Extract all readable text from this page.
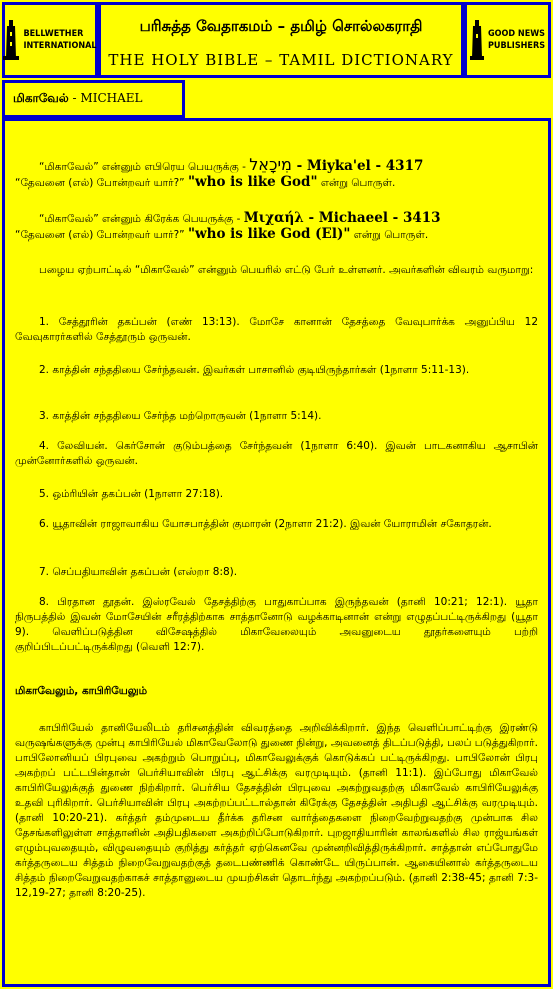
BELLWETHER
INTERNATIONAL
பரிசுத்த வேதாகமம் – தமிழ் சொல்லகராதி
THE HOLY BIBLE – TAMIL DICTIONARY
GOOD NEWS
PUBLISHERS
மிகாவேல் - MICHAEL
“மிகாவேல்” என்னும் எபிரெய பெயருக்கு - מִיכָאֵל - Miyka'el - 4317
“தேவனை (எல்) போன்றவர் யார்?” "who is like God" என்று பொருள்.
“மிகாவேல்” என்னும் கிரேக்க பெயருக்கு - Μιχαήλ - Michaeel - 3413
“தேவனை (எல்) போன்றவர் யார்?” "who is like God (El)" என்று பொருள்.
பழைய ஏற்பாட்டில் “மிகாவேல்” என்னும் பெயரில் எட்டு பேர் உள்ளனர். அவர்களின் விவரம் வருமாறு:
1. சேத்தூரின் தகப்பன் (எண் 13:13). மோசே கானான் தேசத்தை வேவுபார்க்க அனுப்பிய 12 வேவுகாரர்களில் சேத்தூரும் ஒருவன்.
2. காத்தின் சந்ததியை சேர்ந்தவன். இவர்கள் பாசானில் குடியிருந்தார்கள் (1நாளா 5:11-13).
3. காத்தின் சந்ததியை சேர்ந்த மற்றொருவன் (1நாளா 5:14).
4. லேவியன். கெர்சோன் குடும்பத்தை சேர்ந்தவன் (1நாளா 6:40). இவன் பாடகனாகிய ஆசாபின் முன்னோர்களில் ஒருவன்.
5. ஒம்ரியின் தகப்பன் (1நாளா 27:18).
6. யூதாவின் ராஜாவாகிய யோசபாத்தின் குமாரன் (2நாளா 21:2). இவன் யோராமின் சகோதரன்.
7. செப்பதியாவின் தகப்பன் (எஸ்றா 8:8).
8. பிரதான தூதன். இஸ்ரவேல் தேசத்திற்கு பாதுகாப்பாக இருந்தவன் (தானி 10:21; 12:1). யூதா நிருபத்தில் இவன் மோசேயின் சரீரத்திற்காக சாத்தானோடு வழக்காடினான் என்று எழுதப்பட்டிருக்கிறது (யூதா 9). வெளிப்படுத்தின விசேஷத்தில் மிகாவேலையும் அவனுடைய தூதர்களையும் பற்றி குறிப்பிடப்பட்டிருக்கிறது (வெளி 12:7).
மிகாவேலும், காபிரியேலும்
காபிரியேல் தானியேலிடம் தரிசனத்தின் விவரத்தை அறிவிக்கிறார். இந்த வெளிப்பாட்டிற்கு இரண்டு வருஷங்களுக்கு முன்பு காபிரியேல் மிகாவேலோடு துணை நின்று, அவனைத் திடப்படுத்தி, பலப் படுத்துகிறார். பாபிலோனியப் பிரபுவை அகற்றும் பொறுப்பு, மிகாவேலுக்குக் கொடுக்கப் பட்டிருக்கிறது. பாபிலோன் பிரபு அகற்றப் பட்டபின்தான் பெர்சியாவின் பிரபு ஆட்சிக்கு வரமுடியும். (தானி 11:1). இப்போது மிகாவேல் காபிரியேலுக்குத் துணை நிற்கிறார். பெர்சிய தேசத்தின் பிரபுவை அகற்றுவதற்கு மிகாவேல் காபிரியேலுக்கு உதவி புரிகிறார். பெர்சியாவின் பிரபு அகற்றப்பட்டால்தான் கிரேக்கு தேசத்தின் அதிபதி ஆட்சிக்கு வரமுடியும். (தானி 10:20-21). கர்த்தர் தம்முடைய தீர்க்க தரிசன வார்த்தைகளை நிறைவேற்றுவதற்கு முன்பாக சில தேசங்களிலுள்ள சாத்தானின் அதிபதிகளை அகற்றிப்போடுகிறார். புறஜாதியாரின் காலங்களில் சில ராஜ்யங்கள் எழும்புவதையும், விழுவதையும் குறித்து கர்த்தர் ஏற்கெனவே முன்னறிவித்திருக்கிறார். சாத்தான் எப்போதுமே கர்த்தருடைய சித்தம் நிறைவேறுவதற்குத் தடைபண்ணிக் கொண்டே யிருப்பான். ஆகையினால் கர்த்தருடைய சித்தம் நிறைவேறுவதற்காகச் சாத்தானுடைய முயற்சிகள் தொடர்ந்து அகற்றப்படும். (தானி 2:38-45; தானி 7:3-12,19-27; தானி 8:20-25).
